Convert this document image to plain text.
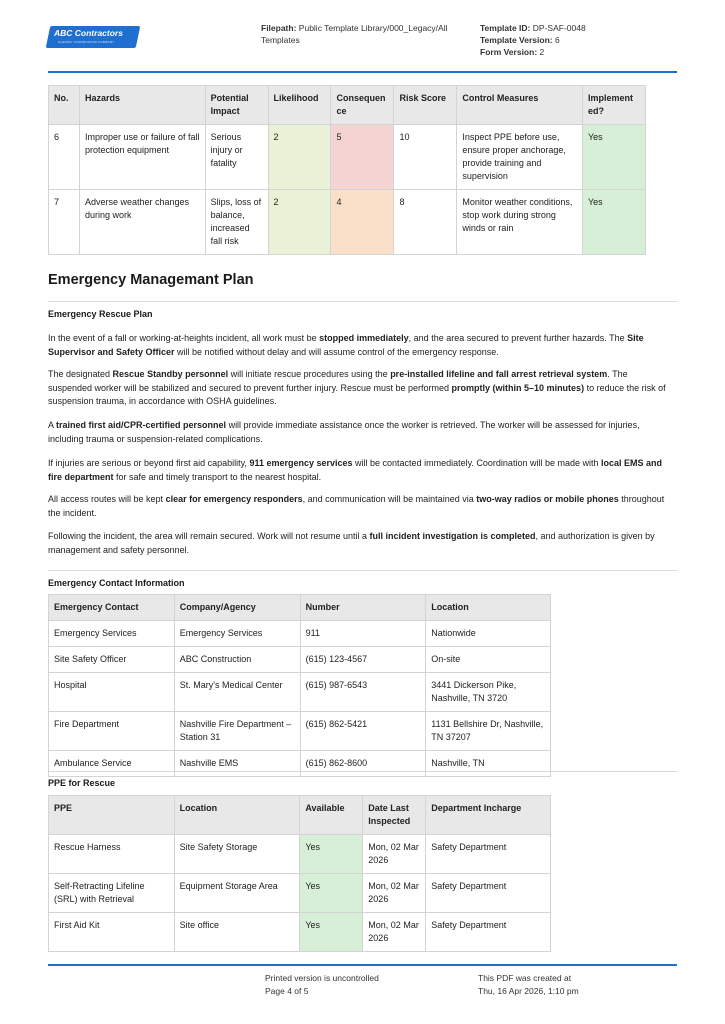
ABC Contractors
CLEARLY CONTRACTOR COMPANY
Filepath: Public Template Library/000_Legacy/All Templates
Template ID: DP-SAF-0048
Template Version: 6
Form Version: 2
No.	Hazards	Potential Impact	Likelihood	Consequen ce	Risk Score	Control Measures	Implement ed?
6	Improper use or failure of fall protection equipment	Serious injury or fatality	2	5	10	Inspect PPE before use, ensure proper anchorage, provide training and supervision	Yes
7	Adverse weather changes during work	Slips, loss of balance, increased fall risk	2	4	8	Monitor weather conditions, stop work during strong winds or rain	Yes
Emergency Managemant Plan
Emergency Rescue Plan
In the event of a fall or working-at-heights incident, all work must be stopped immediately, and the area secured to prevent further hazards. The Site Supervisor and Safety Officer will be notified without delay and will assume control of the emergency response.
The designated Rescue Standby personnel will initiate rescue procedures using the pre-installed lifeline and fall arrest retrieval system. The suspended worker will be stabilized and secured to prevent further injury. Rescue must be performed promptly (within 5–10 minutes) to reduce the risk of suspension trauma, in accordance with OSHA guidelines.
A trained first aid/CPR-certified personnel will provide immediate assistance once the worker is retrieved. The worker will be assessed for injuries, including trauma or suspension-related complications.
If injuries are serious or beyond first aid capability, 911 emergency services will be contacted immediately. Coordination will be made with local EMS and fire department for safe and timely transport to the nearest hospital.
All access routes will be kept clear for emergency responders, and communication will be maintained via two-way radios or mobile phones throughout the incident.
Following the incident, the area will remain secured. Work will not resume until a full incident investigation is completed, and authorization is given by management and safety personnel.
Emergency Contact Information
Emergency Contact	Company/Agency	Number	Location
Emergency Services	Emergency Services	911	Nationwide
Site Safety Officer	ABC Construction	(615) 123-4567	On-site
Hospital	St. Mary's Medical Center	(615) 987-6543	3441 Dickerson Pike, Nashville, TN 3720
Fire Department	Nashville Fire Department – Station 31	(615) 862-5421	1131 Bellshire Dr, Nashville, TN 37207
Ambulance Service	Nashville EMS	(615) 862-8600	Nashville, TN
PPE for Rescue
PPE	Location	Available	Date Last Inspected	Department Incharge
Rescue Harness	Site Safety Storage	Yes	Mon, 02 Mar 2026	Safety Department
Self-Retracting Lifeline (SRL) with Retrieval	Equipment Storage Area	Yes	Mon, 02 Mar 2026	Safety Department
First Aid Kit	Site office	Yes	Mon, 02 Mar 2026	Safety Department
Printed version is uncontrolled
Page 4 of 5
This PDF was created at
Thu, 16 Apr 2026, 1:10 pm
